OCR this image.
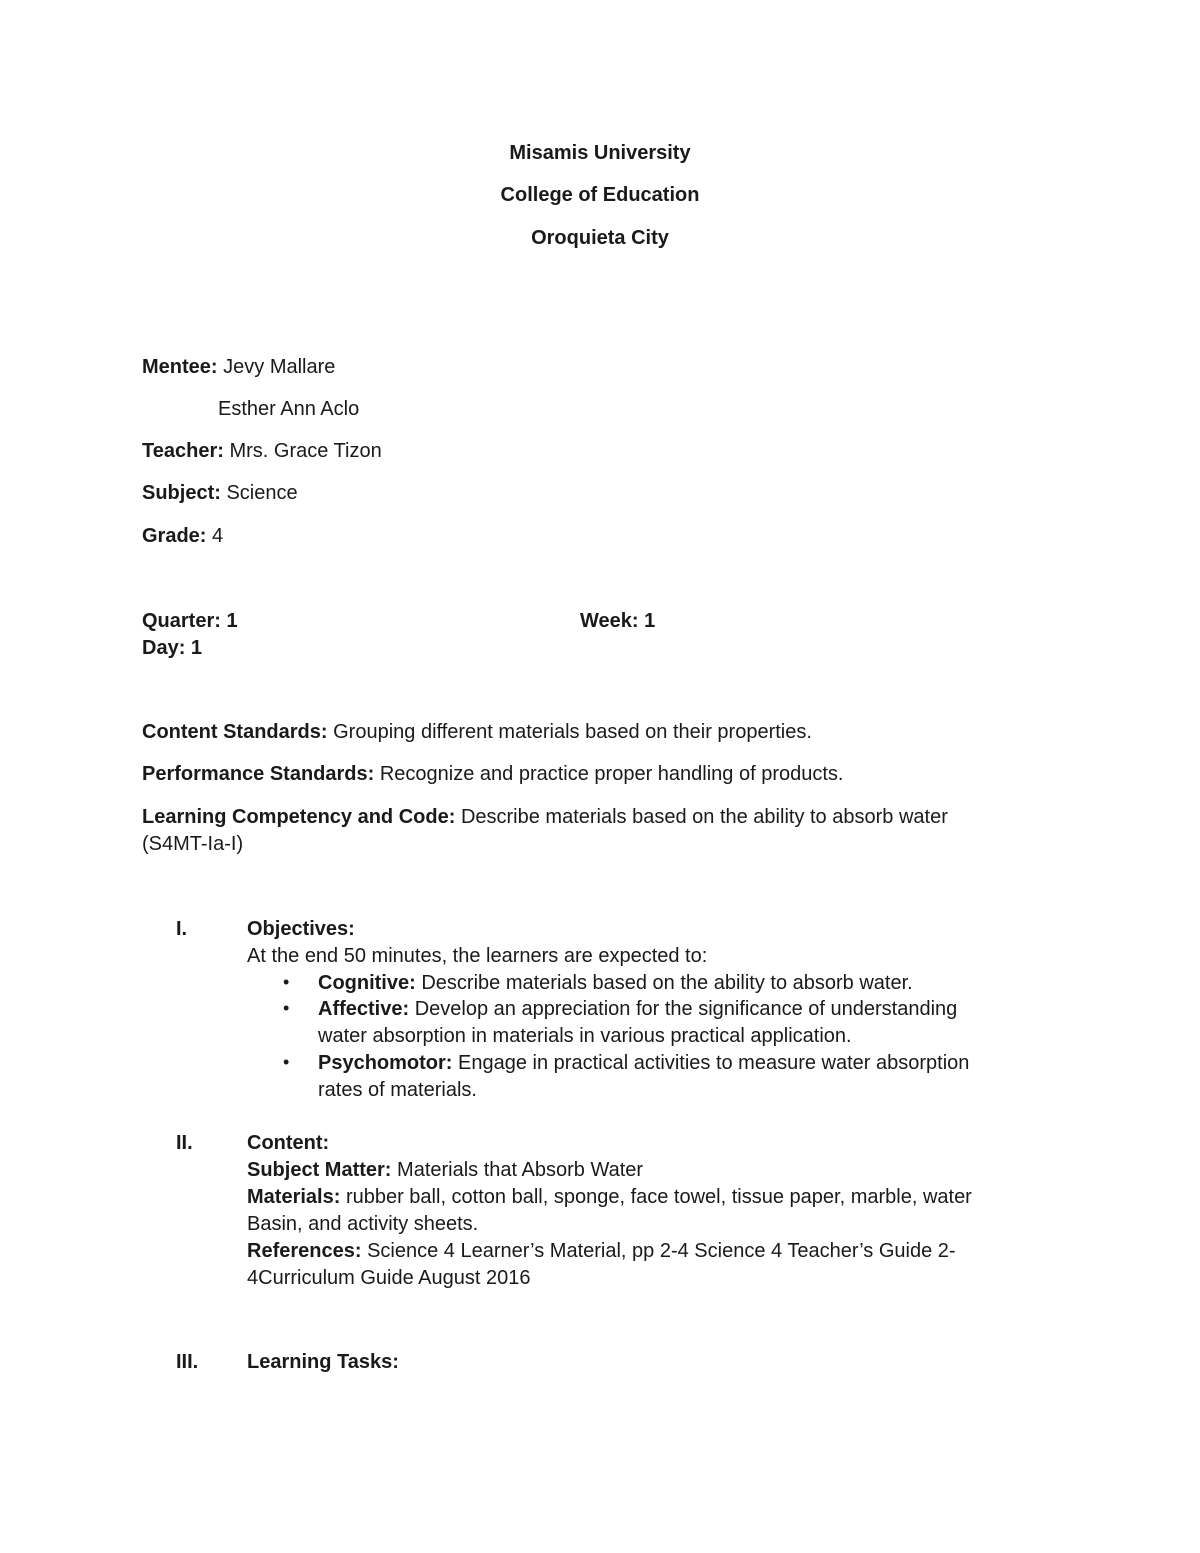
Misamis University
College of Education
Oroquieta City
Mentee: Jevy Mallare
Esther Ann Aclo
Teacher: Mrs. Grace Tizon
Subject: Science
Grade: 4
Quarter: 1	Week: 1
Day: 1
Content Standards: Grouping different materials based on their properties.
Performance Standards: Recognize and practice proper handling of products.
Learning Competency and Code: Describe materials based on the ability to absorb water
(S4MT-Ia-I)
I.	Objectives:
At the end 50 minutes, the learners are expected to:
• Cognitive: Describe materials based on the ability to absorb water.
• Affective: Develop an appreciation for the significance of understanding
water absorption in materials in various practical application.
• Psychomotor: Engage in practical activities to measure water absorption
rates of materials.
II.	Content:
Subject Matter: Materials that Absorb Water
Materials: rubber ball, cotton ball, sponge, face towel, tissue paper, marble, water
Basin, and activity sheets.
References: Science 4 Learner’s Material, pp 2-4 Science 4 Teacher’s Guide 2-
4Curriculum Guide August 2016
III. Learning Tasks:
